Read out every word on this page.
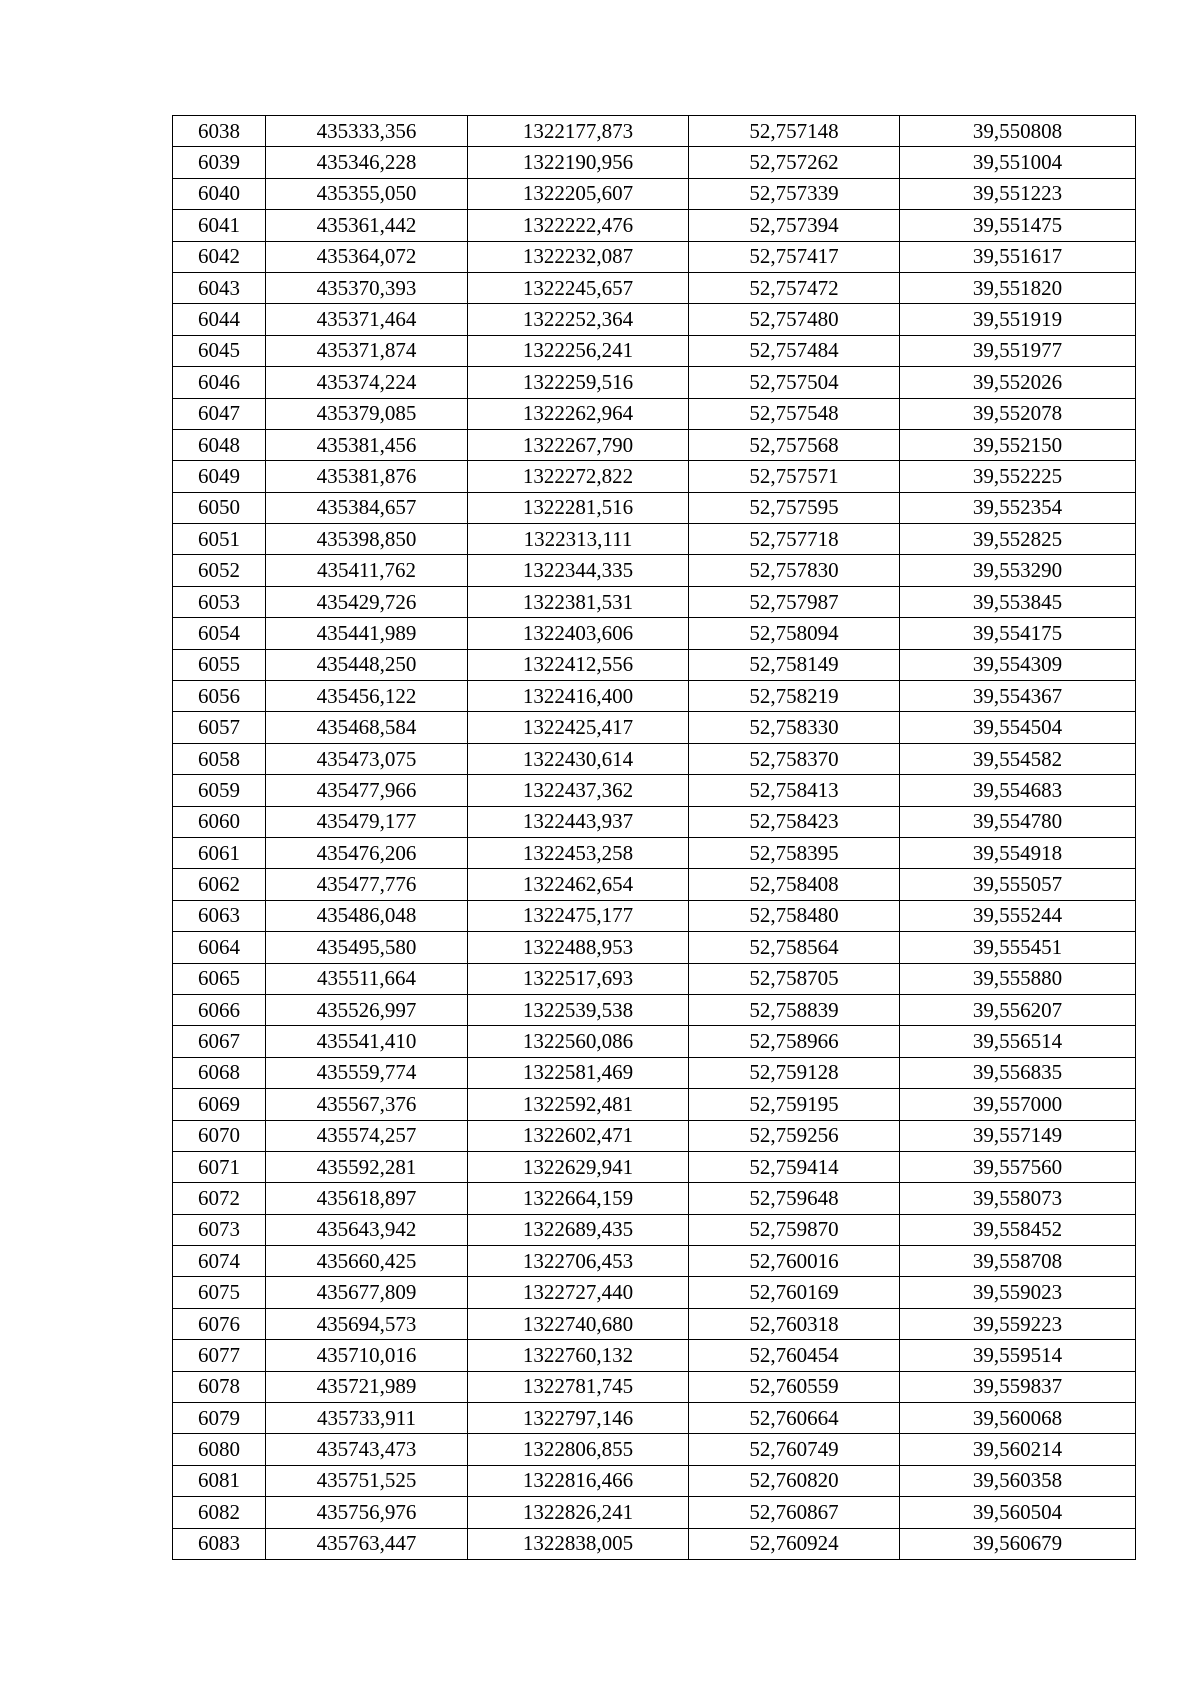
6038	435333,356	1322177,873	52,757148	39,550808
6039	435346,228	1322190,956	52,757262	39,551004
6040	435355,050	1322205,607	52,757339	39,551223
6041	435361,442	1322222,476	52,757394	39,551475
6042	435364,072	1322232,087	52,757417	39,551617
6043	435370,393	1322245,657	52,757472	39,551820
6044	435371,464	1322252,364	52,757480	39,551919
6045	435371,874	1322256,241	52,757484	39,551977
6046	435374,224	1322259,516	52,757504	39,552026
6047	435379,085	1322262,964	52,757548	39,552078
6048	435381,456	1322267,790	52,757568	39,552150
6049	435381,876	1322272,822	52,757571	39,552225
6050	435384,657	1322281,516	52,757595	39,552354
6051	435398,850	1322313,111	52,757718	39,552825
6052	435411,762	1322344,335	52,757830	39,553290
6053	435429,726	1322381,531	52,757987	39,553845
6054	435441,989	1322403,606	52,758094	39,554175
6055	435448,250	1322412,556	52,758149	39,554309
6056	435456,122	1322416,400	52,758219	39,554367
6057	435468,584	1322425,417	52,758330	39,554504
6058	435473,075	1322430,614	52,758370	39,554582
6059	435477,966	1322437,362	52,758413	39,554683
6060	435479,177	1322443,937	52,758423	39,554780
6061	435476,206	1322453,258	52,758395	39,554918
6062	435477,776	1322462,654	52,758408	39,555057
6063	435486,048	1322475,177	52,758480	39,555244
6064	435495,580	1322488,953	52,758564	39,555451
6065	435511,664	1322517,693	52,758705	39,555880
6066	435526,997	1322539,538	52,758839	39,556207
6067	435541,410	1322560,086	52,758966	39,556514
6068	435559,774	1322581,469	52,759128	39,556835
6069	435567,376	1322592,481	52,759195	39,557000
6070	435574,257	1322602,471	52,759256	39,557149
6071	435592,281	1322629,941	52,759414	39,557560
6072	435618,897	1322664,159	52,759648	39,558073
6073	435643,942	1322689,435	52,759870	39,558452
6074	435660,425	1322706,453	52,760016	39,558708
6075	435677,809	1322727,440	52,760169	39,559023
6076	435694,573	1322740,680	52,760318	39,559223
6077	435710,016	1322760,132	52,760454	39,559514
6078	435721,989	1322781,745	52,760559	39,559837
6079	435733,911	1322797,146	52,760664	39,560068
6080	435743,473	1322806,855	52,760749	39,560214
6081	435751,525	1322816,466	52,760820	39,560358
6082	435756,976	1322826,241	52,760867	39,560504
6083	435763,447	1322838,005	52,760924	39,560679
